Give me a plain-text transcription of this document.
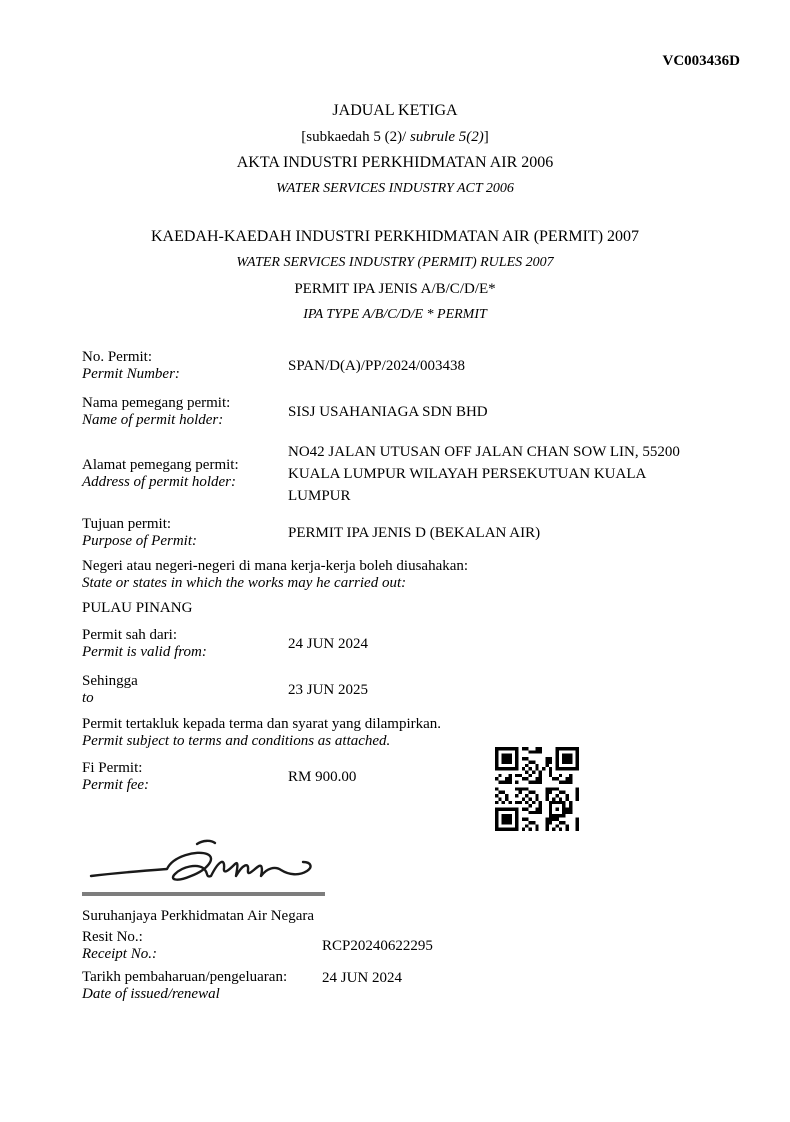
VC003436D
JADUAL KETIGA
[subkaedah 5 (2)/ subrule 5(2)]
AKTA INDUSTRI PERKHIDMATAN AIR 2006
WATER SERVICES INDUSTRY ACT 2006
KAEDAH-KAEDAH INDUSTRI PERKHIDMATAN AIR (PERMIT) 2007
WATER SERVICES INDUSTRY (PERMIT) RULES 2007
PERMIT IPA JENIS A/B/C/D/E*
IPA TYPE A/B/C/D/E * PERMIT
No. Permit:
Permit Number:
SPAN/D(A)/PP/2024/003438
Nama pemegang permit:
Name of permit holder:
SISJ USAHANIAGA SDN BHD
Alamat pemegang permit:
Address of permit holder:
NO42 JALAN UTUSAN OFF JALAN CHAN SOW LIN, 55200 KUALA LUMPUR WILAYAH PERSEKUTUAN KUALA LUMPUR
Tujuan permit:
Purpose of Permit:
PERMIT IPA JENIS D (BEKALAN AIR)
Negeri atau negeri-negeri di mana kerja-kerja boleh diusahakan:
State or states in which the works may he carried out:
PULAU PINANG
Permit sah dari:
Permit is valid from:
24 JUN 2024
Sehingga
to
23 JUN 2025
Permit tertakluk kepada terma dan syarat yang dilampirkan.
Permit subject to terms and conditions as attached.
Fi Permit:
Permit fee:
RM 900.00
Suruhanjaya Perkhidmatan Air Negara
Resit No.:
Receipt No.:
RCP20240622295
Tarikh pembaharuan/pengeluaran:
Date of issued/renewal
24 JUN 2024
